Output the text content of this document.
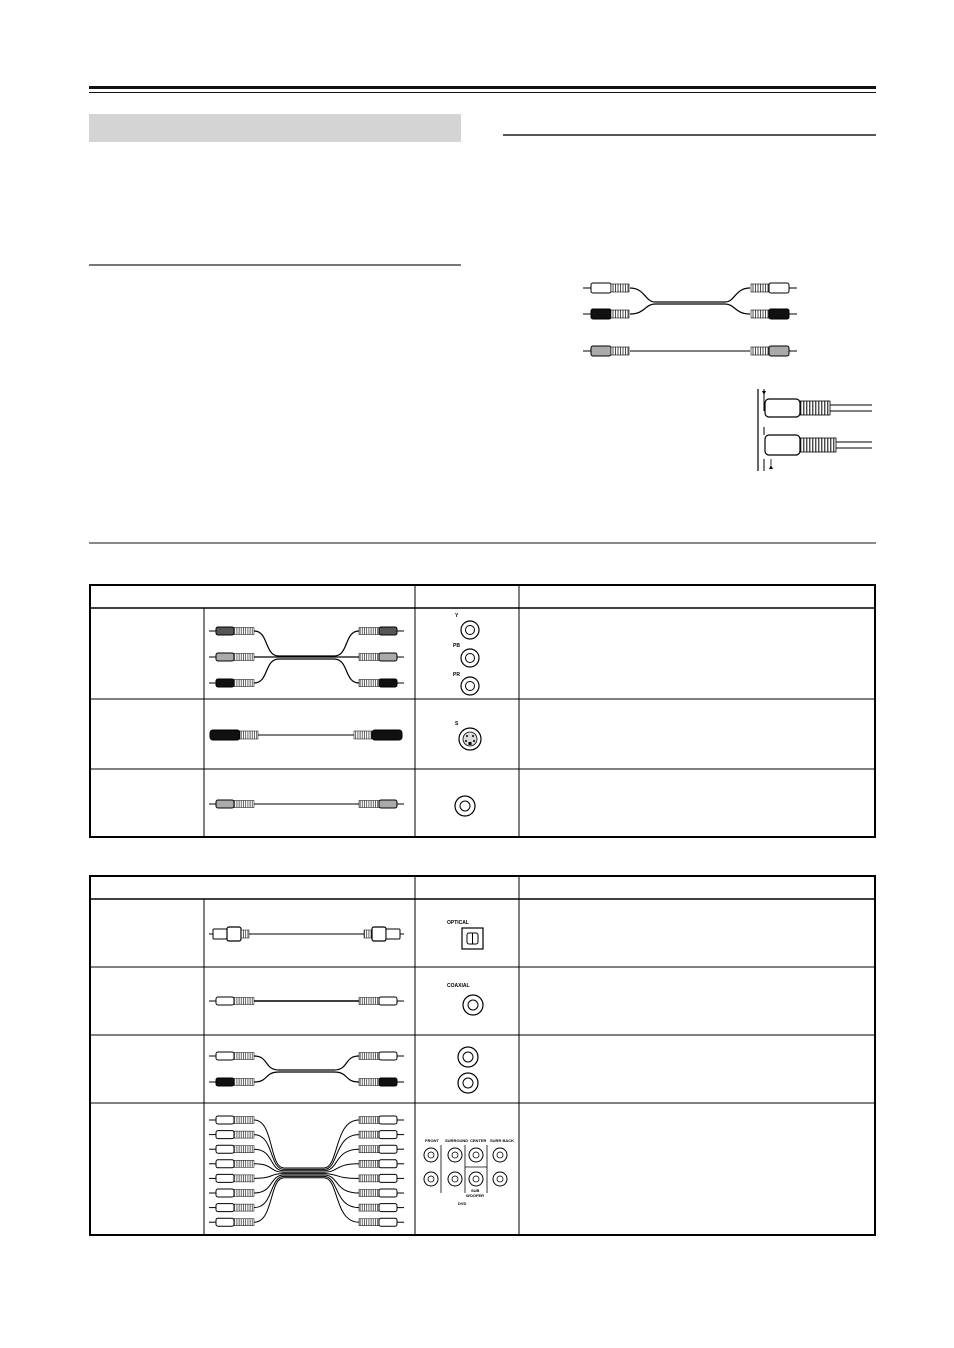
Y
PB
PR
S
OPTICAL
COAXIAL
FRONT SURROUND CENTER SURR BACK
SUB
WOOFER
DVD
